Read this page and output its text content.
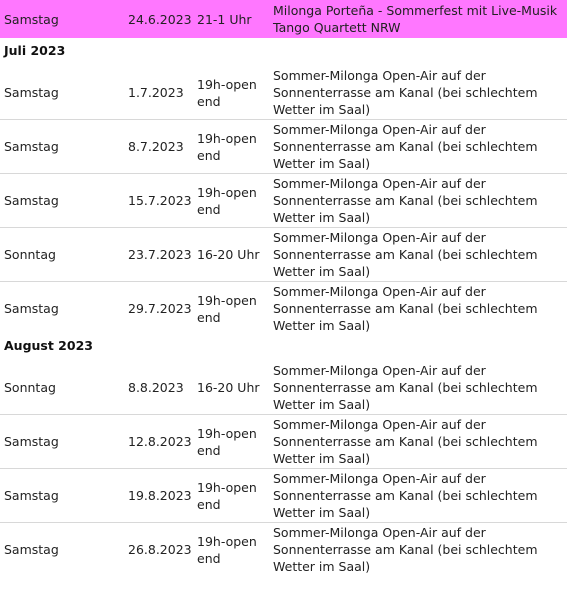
Samstag	24.6.2023	21-1 Uhr	Milonga Porteña - Sommerfest mit Live-Musik Tango Quartett NRW
Juli 2023			
Samstag	1.7.2023	19h-open end	Sommer-Milonga Open-Air auf der Sonnenterrasse am Kanal (bei schlechtem Wetter im Saal)
Samstag	8.7.2023	19h-open end	Sommer-Milonga Open-Air auf der Sonnenterrasse am Kanal (bei schlechtem Wetter im Saal)
Samstag	15.7.2023	19h-open end	Sommer-Milonga Open-Air auf der Sonnenterrasse am Kanal (bei schlechtem Wetter im Saal)
Sonntag	23.7.2023	16-20 Uhr	Sommer-Milonga Open-Air auf der Sonnenterrasse am Kanal (bei schlechtem Wetter im Saal)
Samstag	29.7.2023	19h-open end	Sommer-Milonga Open-Air auf der Sonnenterrasse am Kanal (bei schlechtem Wetter im Saal)
August 2023			
Sonntag	8.8.2023	16-20 Uhr	Sommer-Milonga Open-Air auf der Sonnenterrasse am Kanal (bei schlechtem Wetter im Saal)
Samstag	12.8.2023	19h-open end	Sommer-Milonga Open-Air auf der Sonnenterrasse am Kanal (bei schlechtem Wetter im Saal)
Samstag	19.8.2023	19h-open end	Sommer-Milonga Open-Air auf der Sonnenterrasse am Kanal (bei schlechtem Wetter im Saal)
Samstag	26.8.2023	19h-open end	Sommer-Milonga Open-Air auf der Sonnenterrasse am Kanal (bei schlechtem Wetter im Saal)
